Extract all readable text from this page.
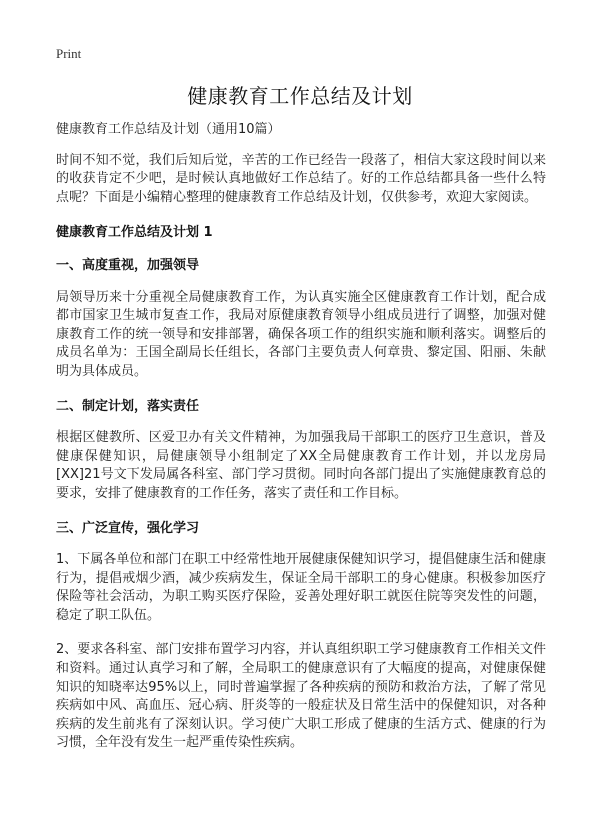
Print
健康教育工作总结及计划

健康教育工作总结及计划（通用10篇）

时间不知不觉，我们后知后觉，辛苦的工作已经告一段落了，相信大家这段时间以来的收获肯定不少吧，是时候认真地做好工作总结了。好的工作总结都具备一些什么特点呢？下面是小编精心整理的健康教育工作总结及计划，仅供参考，欢迎大家阅读。

健康教育工作总结及计划 1

一、高度重视，加强领导

局领导历来十分重视全局健康教育工作，为认真实施全区健康教育工作计划，配合成都市国家卫生城市复查工作，我局对原健康教育领导小组成员进行了调整，加强对健康教育工作的统一领导和安排部署，确保各项工作的组织实施和顺利落实。调整后的成员名单为：王国全副局长任组长，各部门主要负责人何章贵、黎定国、阳丽、朱献明为具体成员。

二、制定计划，落实责任

根据区健教所、区爱卫办有关文件精神，为加强我局干部职工的医疗卫生意识，普及健康保健知识，局健康领导小组制定了XX全局健康教育工作计划，并以龙房局[XX]21号文下发局属各科室、部门学习贯彻。同时向各部门提出了实施健康教育总的要求，安排了健康教育的工作任务，落实了责任和工作目标。

三、广泛宣传，强化学习

1、下属各单位和部门在职工中经常性地开展健康保健知识学习，提倡健康生活和健康行为，提倡戒烟少酒，减少疾病发生，保证全局干部职工的身心健康。积极参加医疗保险等社会活动，为职工购买医疗保险，妥善处理好职工就医住院等突发性的问题，稳定了职工队伍。

2、要求各科室、部门安排布置学习内容，并认真组织职工学习健康教育工作相关文件和资料。通过认真学习和了解，全局职工的健康意识有了大幅度的提高，对健康保健知识的知晓率达95%以上，同时普遍掌握了各种疾病的预防和救治方法，了解了常见疾病如中风、高血压、冠心病、肝炎等的一般症状及日常生活中的保健知识，对各种疾病的发生前兆有了深刻认识。学习使广大职工形成了健康的生活方式、健康的行为习惯，全年没有发生一起严重传染性疾病。
